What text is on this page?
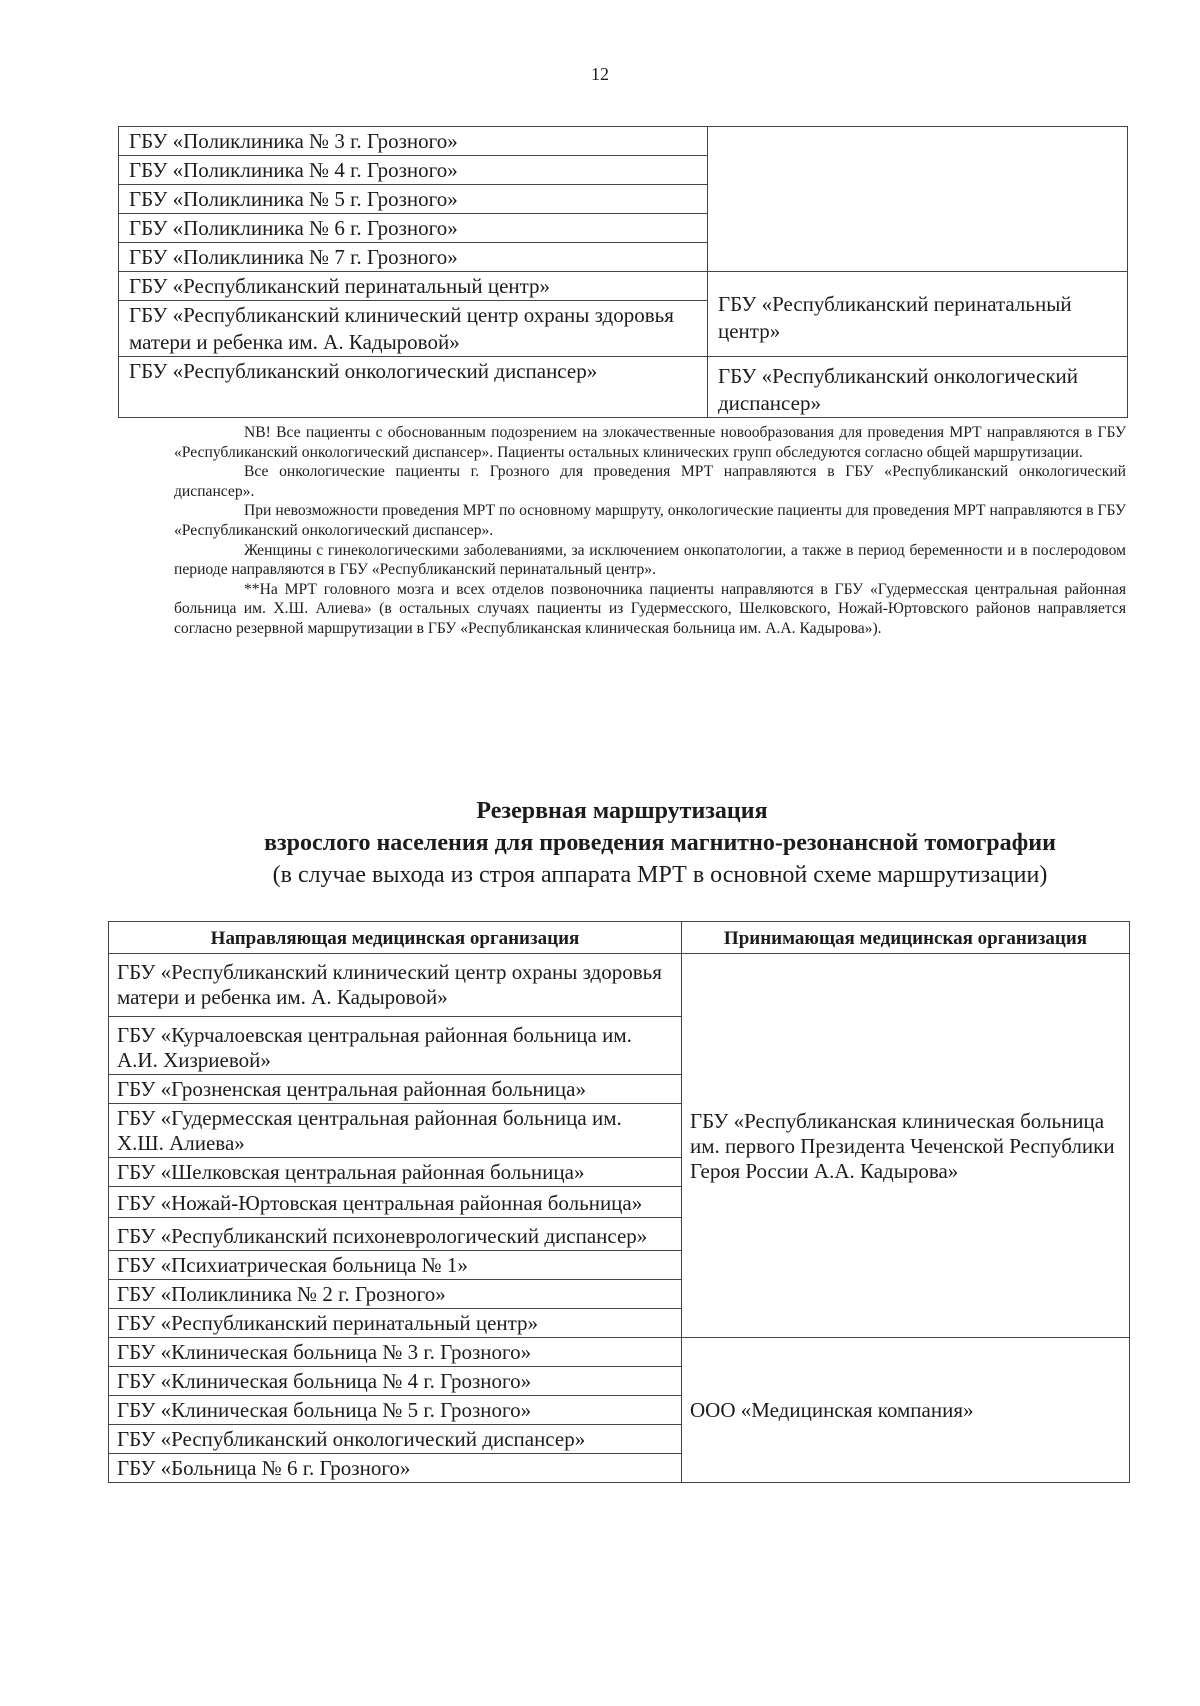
12
ГБУ «Поликлиника № 3 г. Грозного»	
ГБУ «Поликлиника № 4 г. Грозного»	
ГБУ «Поликлиника № 5 г. Грозного»	
ГБУ «Поликлиника № 6 г. Грозного»	
ГБУ «Поликлиника № 7 г. Грозного»	
ГБУ «Республиканский перинатальный центр»	ГБУ «Республиканский перинатальный центр»
ГБУ «Республиканский клинический центр охраны здоровья матери и ребенка им. А. Кадыровой»	
ГБУ «Республиканский онкологический диспансер»	ГБУ «Республиканский онкологический диспансер»

NB! Все пациенты с обоснованным подозрением на злокачественные новообразования для проведения МРТ направляются в ГБУ «Республиканский онкологический диспансер». Пациенты остальных клинических групп обследуются согласно общей маршрутизации.

Все онкологические пациенты г. Грозного для проведения МРТ направляются в ГБУ «Республиканский онкологический диспансер».

При невозможности проведения МРТ по основному маршруту, онкологические пациенты для проведения МРТ направляются в ГБУ «Республиканский онкологический диспансер».

Женщины с гинекологическими заболеваниями, за исключением онкопатологии, а также в период беременности и в послеродовом периоде направляются в ГБУ «Республиканский перинатальный центр».

**На МРТ головного мозга и всех отделов позвоночника пациенты направляются в ГБУ «Гудермесская центральная районная больница им. Х.Ш. Алиева» (в остальных случаях пациенты из Гудермесского, Шелковского, Ножай-Юртовского районов направляется согласно резервной маршрутизации в ГБУ «Республиканская клиническая больница им. А.А. Кадырова»).

Резервная маршрутизация
взрослого населения для проведения магнитно-резонансной томографии
(в случае выхода из строя аппарата МРТ в основной схеме маршрутизации)
Направляющая медицинская организация	Принимающая медицинская организация
ГБУ «Республиканский клинический центр охраны здоровья матери и ребенка им. А. Кадыровой»	ГБУ «Республиканская клиническая больница им. первого Президента Чеченской Республики Героя России А.А. Кадырова»
ГБУ «Курчалоевская центральная районная больница им. А.И. Хизриевой»	
ГБУ «Грозненская центральная районная больница»	
ГБУ «Гудермесская центральная районная больница им. Х.Ш. Алиева»	
ГБУ «Шелковская центральная районная больница»	
ГБУ «Ножай-Юртовская центральная районная больница»	
ГБУ «Республиканский психоневрологический диспансер»	
ГБУ «Психиатрическая больница № 1»	
ГБУ «Поликлиника № 2 г. Грозного»	
ГБУ «Республиканский перинатальный центр»	
ГБУ «Клиническая больница № 3 г. Грозного»	ООО «Медицинская компания»
ГБУ «Клиническая больница № 4 г. Грозного»	
ГБУ «Клиническая больница № 5 г. Грозного»	
ГБУ «Республиканский онкологический диспансер»	
ГБУ «Больница № 6 г. Грозного»	
